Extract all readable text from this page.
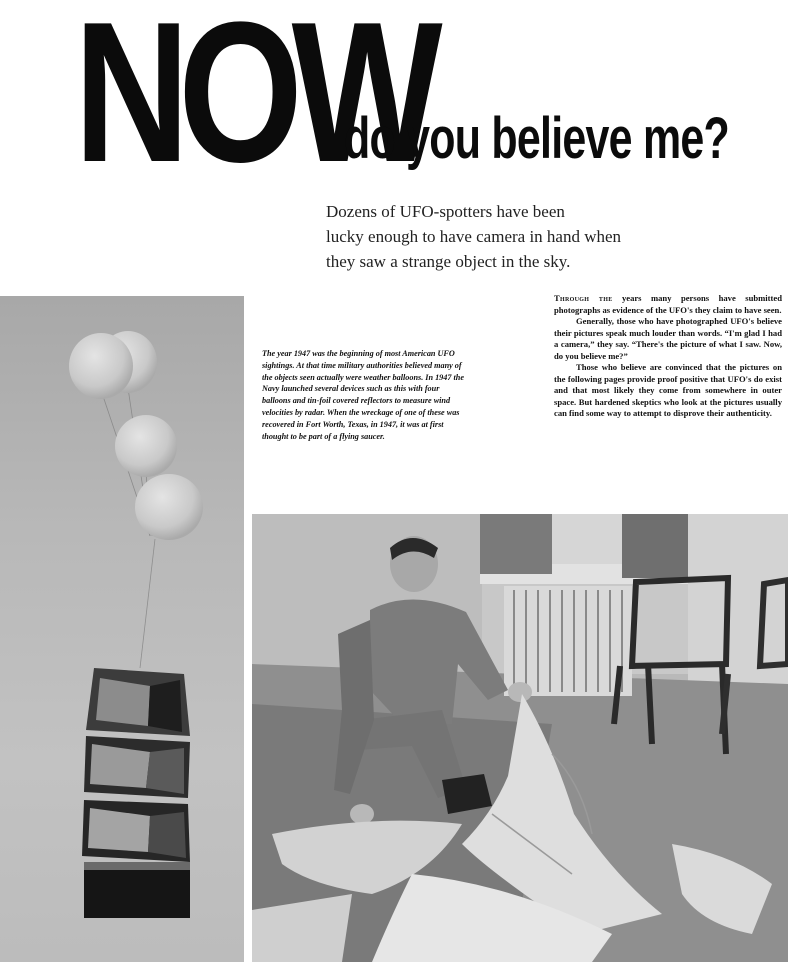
NOW
do you believe me?
Dozens of UFO-spotters have been
lucky enough to have camera in hand when
they saw a strange object in the sky.
The year 1947 was the beginning of most American UFO sightings. At that time military authorities believed many of the objects seen actually were weather balloons. In 1947 the Navy launched several devices such as this with four balloons and tin-foil covered reflectors to measure wind velocities by radar. When the wreckage of one of these was recovered in Fort Worth, Texas, in 1947, it was at first thought to be part of a flying saucer.

Through the years many persons have submitted photographs as evidence of the UFO's they claim to have seen.

Generally, those who have photographed UFO's believe their pictures speak much louder than words. “I'm glad I had a camera,” they say. “There's the picture of what I saw. Now, do you believe me?”

Those who believe are convinced that the pictures on the following pages provide proof positive that UFO's do exist and that most likely they come from somewhere in outer space. But hardened skeptics who look at the pictures usually can find some way to attempt to disprove their authenticity.
